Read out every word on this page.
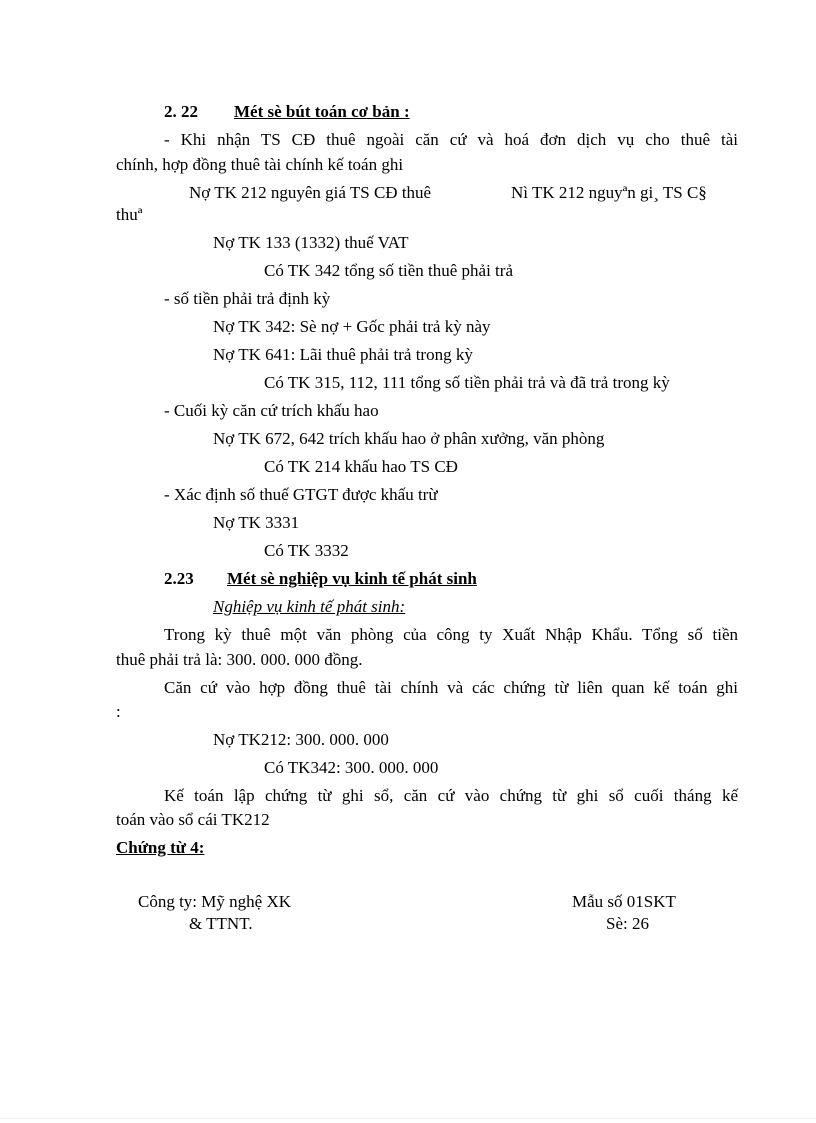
2. 22 Mét sè bút toán cơ bản :
- Khi nhận TS CĐ thuê ngoài căn cứ và hoá đơn dịch vụ cho thuê tài
chính, hợp đồng thuê tài chính kế toán ghi
Nợ TK 212 nguyên giá TS CĐ thuê	Nì TK 212 nguyªn gi¸ TS C§
thuª
Nợ TK 133 (1332) thuế VAT
Có TK 342 tổng số tiền thuê phải trả
- số tiền phải trả định kỳ
Nợ TK 342: Sè nợ + Gốc phải trả kỳ này
Nợ TK 641: Lãi thuê phải trả trong kỳ
Có TK 315, 112, 111 tổng số tiền phải trả và đã trả trong kỳ
- Cuối kỳ căn cứ trích khấu hao
Nợ TK 672, 642 trích khấu hao ở phân xưởng, văn phòng
Có TK 214 khấu hao TS CĐ
- Xác định số thuế GTGT được khấu trừ
Nợ TK 3331
Có TK 3332
2.23 Mét sè nghiệp vụ kinh tế phát sinh
Nghiệp vụ kinh tế phát sinh:
Trong kỳ thuê một văn phòng của công ty Xuất Nhập Khẩu. Tổng số tiền
thuê phải trả là: 300. 000. 000 đồng.
Căn cứ vào hợp đồng thuê tài chính và các chứng từ liên quan kế toán ghi
:
Nợ TK212: 300. 000. 000
Có TK342: 300. 000. 000
Kế toán lập chứng từ ghi sổ, căn cứ vào chứng từ ghi sổ cuối tháng kế
toán vào sổ cái TK212
Chứng từ 4:
Công ty: Mỹ nghệ XK
& TTNT.
Mẫu số 01SKT
Sè: 26
